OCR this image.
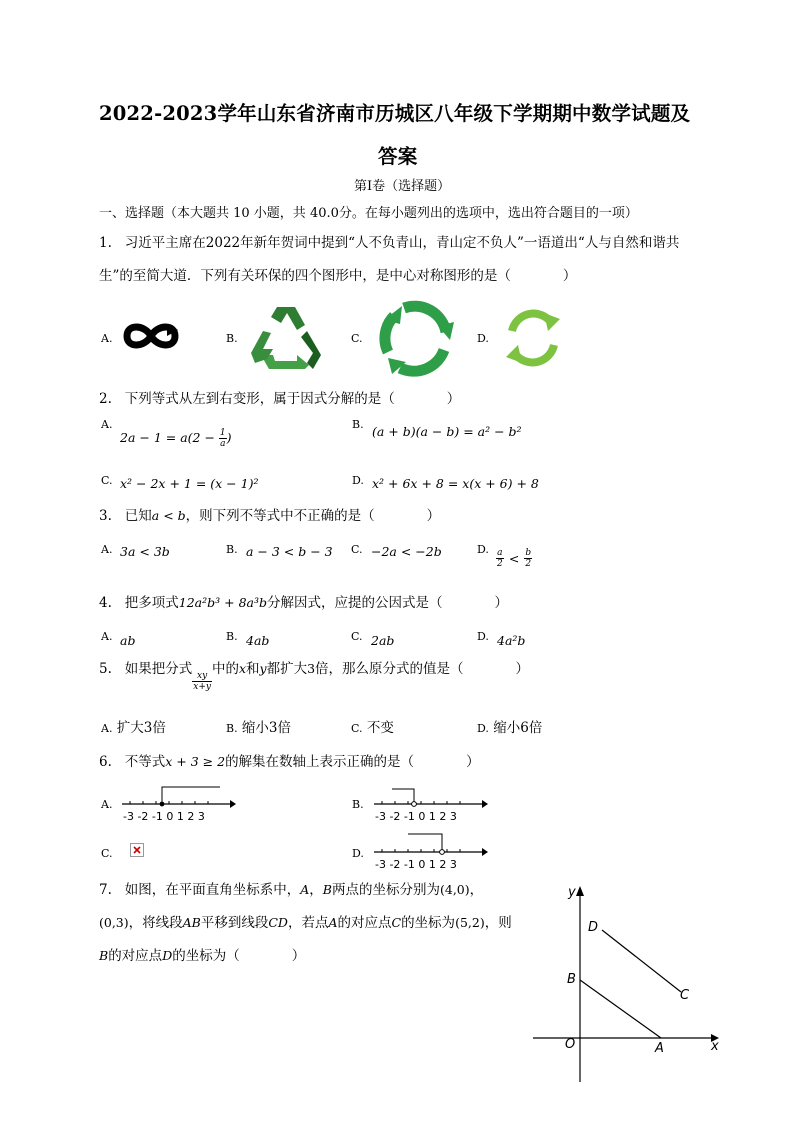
2022-2023学年山东省济南市历城区八年级下学期期中数学试题及
答案
第Ⅰ卷（选择题）
一、选择题（本大题共 10 小题，共 40.0分。在每小题列出的选项中，选出符合题目的一项）
1. 习近平主席在2022年新年贺词中提到“人不负青山，青山定不负人”一语道出“人与自然和谐共
生”的至简大道．下列有关环保的四个图形中，是中心对称图形的是（	）
A.	B.	C.	D.
2. 下列等式从左到右变形，属于因式分解的是（	）
A.
$2a - 1 = a(2 - \frac{1}{a}$ )
B. (a + b)(a − b) = a² − b²
C. x² − 2x + 1 = (x − 1)²	D. x² + 6x + 8 = x(x + 6) + 8
3. 已知a < b，则下列不等式中不正确的是（	）
A. 3a < 3b	B. a − 3 < b − 3 C. −2a < −2b	D. $\frac{a}{2} < \frac{b}{2}$
4. 把多项式12a²b³ + 8a³b分解因式，应提的公因式是（	）
A. ab	B. 4ab	C. 2ab	D. 4a²b
5. 如果把分式
$\frac{xy}{x+y}$
中的x和y都扩大3倍，那么原分式的值是（	）
A. 扩大3倍	B. 缩小3倍	C. 不变	D. 缩小6倍
6. 不等式x + 3 ≥ 2的解集在数轴上表示正确的是（	）
A.
-3 -2 -1 0 1 2 3
B.
-3 -2 -1 0 1 2 3
C.	D.
-3 -2 -1 0 1 2 3
7. 如图，在平面直角坐标系中，A，B两点的坐标分别为(4,0)，
(0,3)，将线段AB平移到线段CD，若点A的对应点C的坐标为(5,2)，则
B的对应点D的坐标为（	）
y
x
O	A
B
C
D
